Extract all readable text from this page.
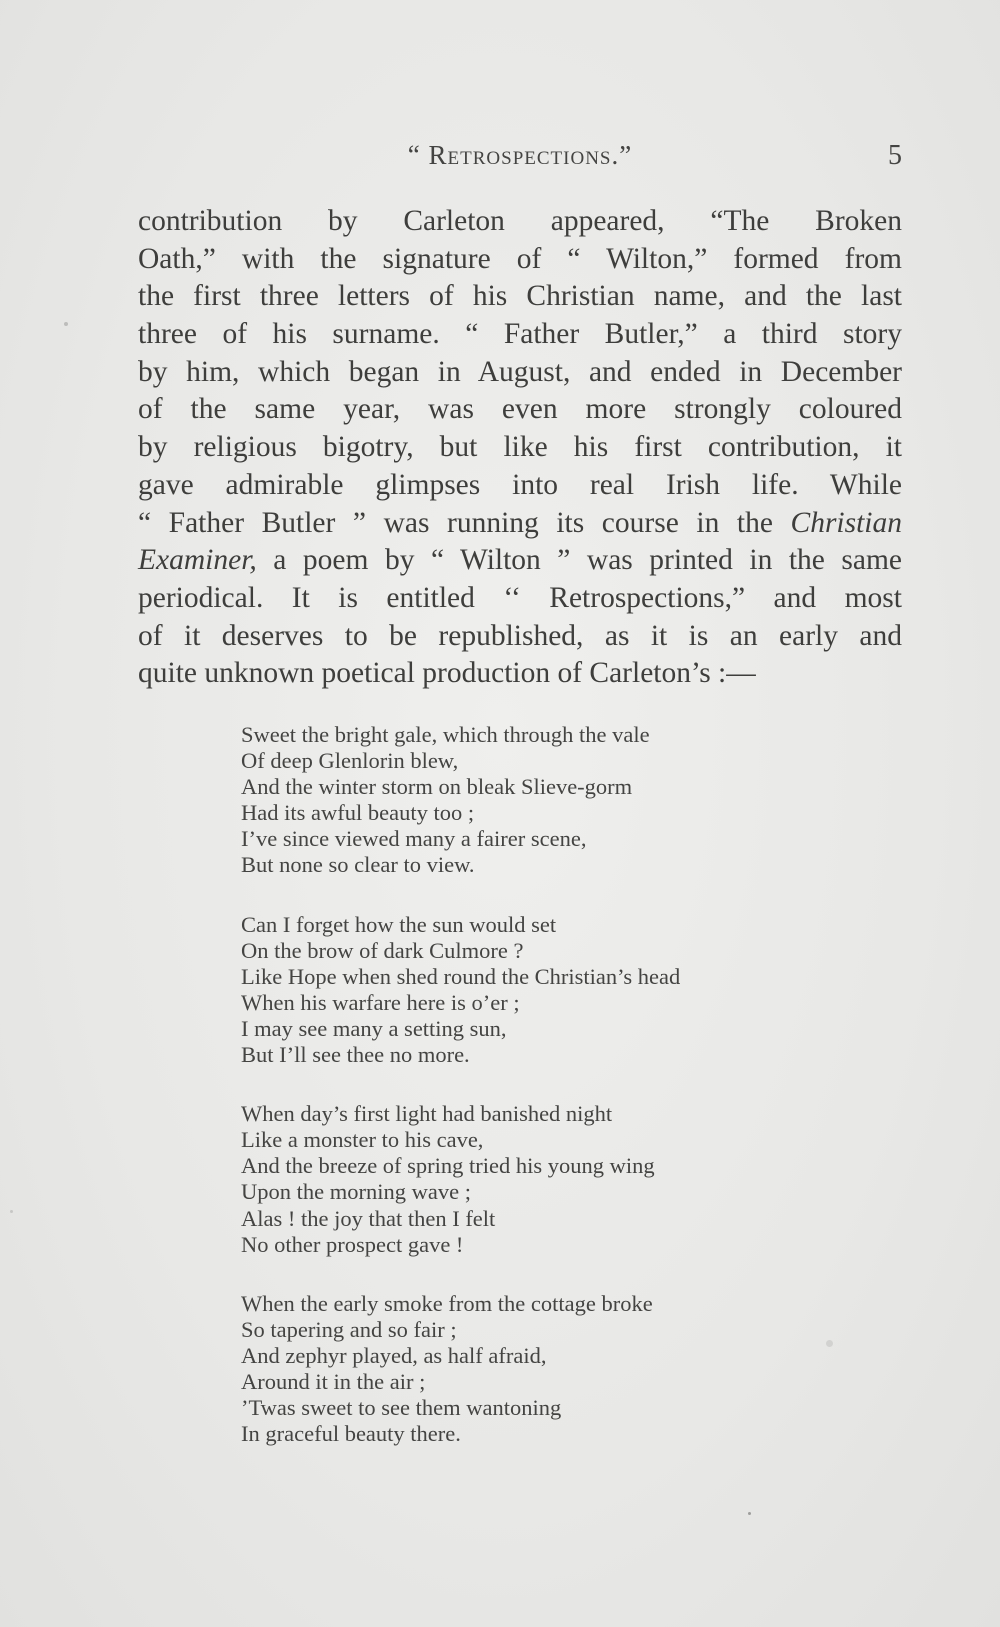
“ Retrospections.”	5
contribution by Carleton appeared, “The Broken
Oath,” with the signature of “ Wilton,” formed from
the first three letters of his Christian name, and the last
three of his surname. “ Father Butler,” a third story
by him, which began in August, and ended in December
of the same year, was even more strongly coloured
by religious bigotry, but like his first contribution, it
gave admirable glimpses into real Irish life. While
“ Father Butler ” was running its course in the Christian
Examiner, a poem by “ Wilton ” was printed in the same
periodical. It is entitled ‘‘ Retrospections,” and most
of it deserves to be republished, as it is an early and
quite unknown poetical production of Carleton’s :—
Sweet the bright gale, which through the vale
Of deep Glenlorin blew,
And the winter storm on bleak Slieve-gorm
Had its awful beauty too ;
I’ve since viewed many a fairer scene,
But none so clear to view.
Can I forget how the sun would set
On the brow of dark Culmore ?
Like Hope when shed round the Christian’s head
When his warfare here is o’er ;
I may see many a setting sun,
But I’ll see thee no more.
When day’s first light had banished night
Like a monster to his cave,
And the breeze of spring tried his young wing
Upon the morning wave ;
Alas ! the joy that then I felt
No other prospect gave !
When the early smoke from the cottage broke
So tapering and so fair ;
And zephyr played, as half afraid,
Around it in the air ;
’Twas sweet to see them wantoning
In graceful beauty there.
